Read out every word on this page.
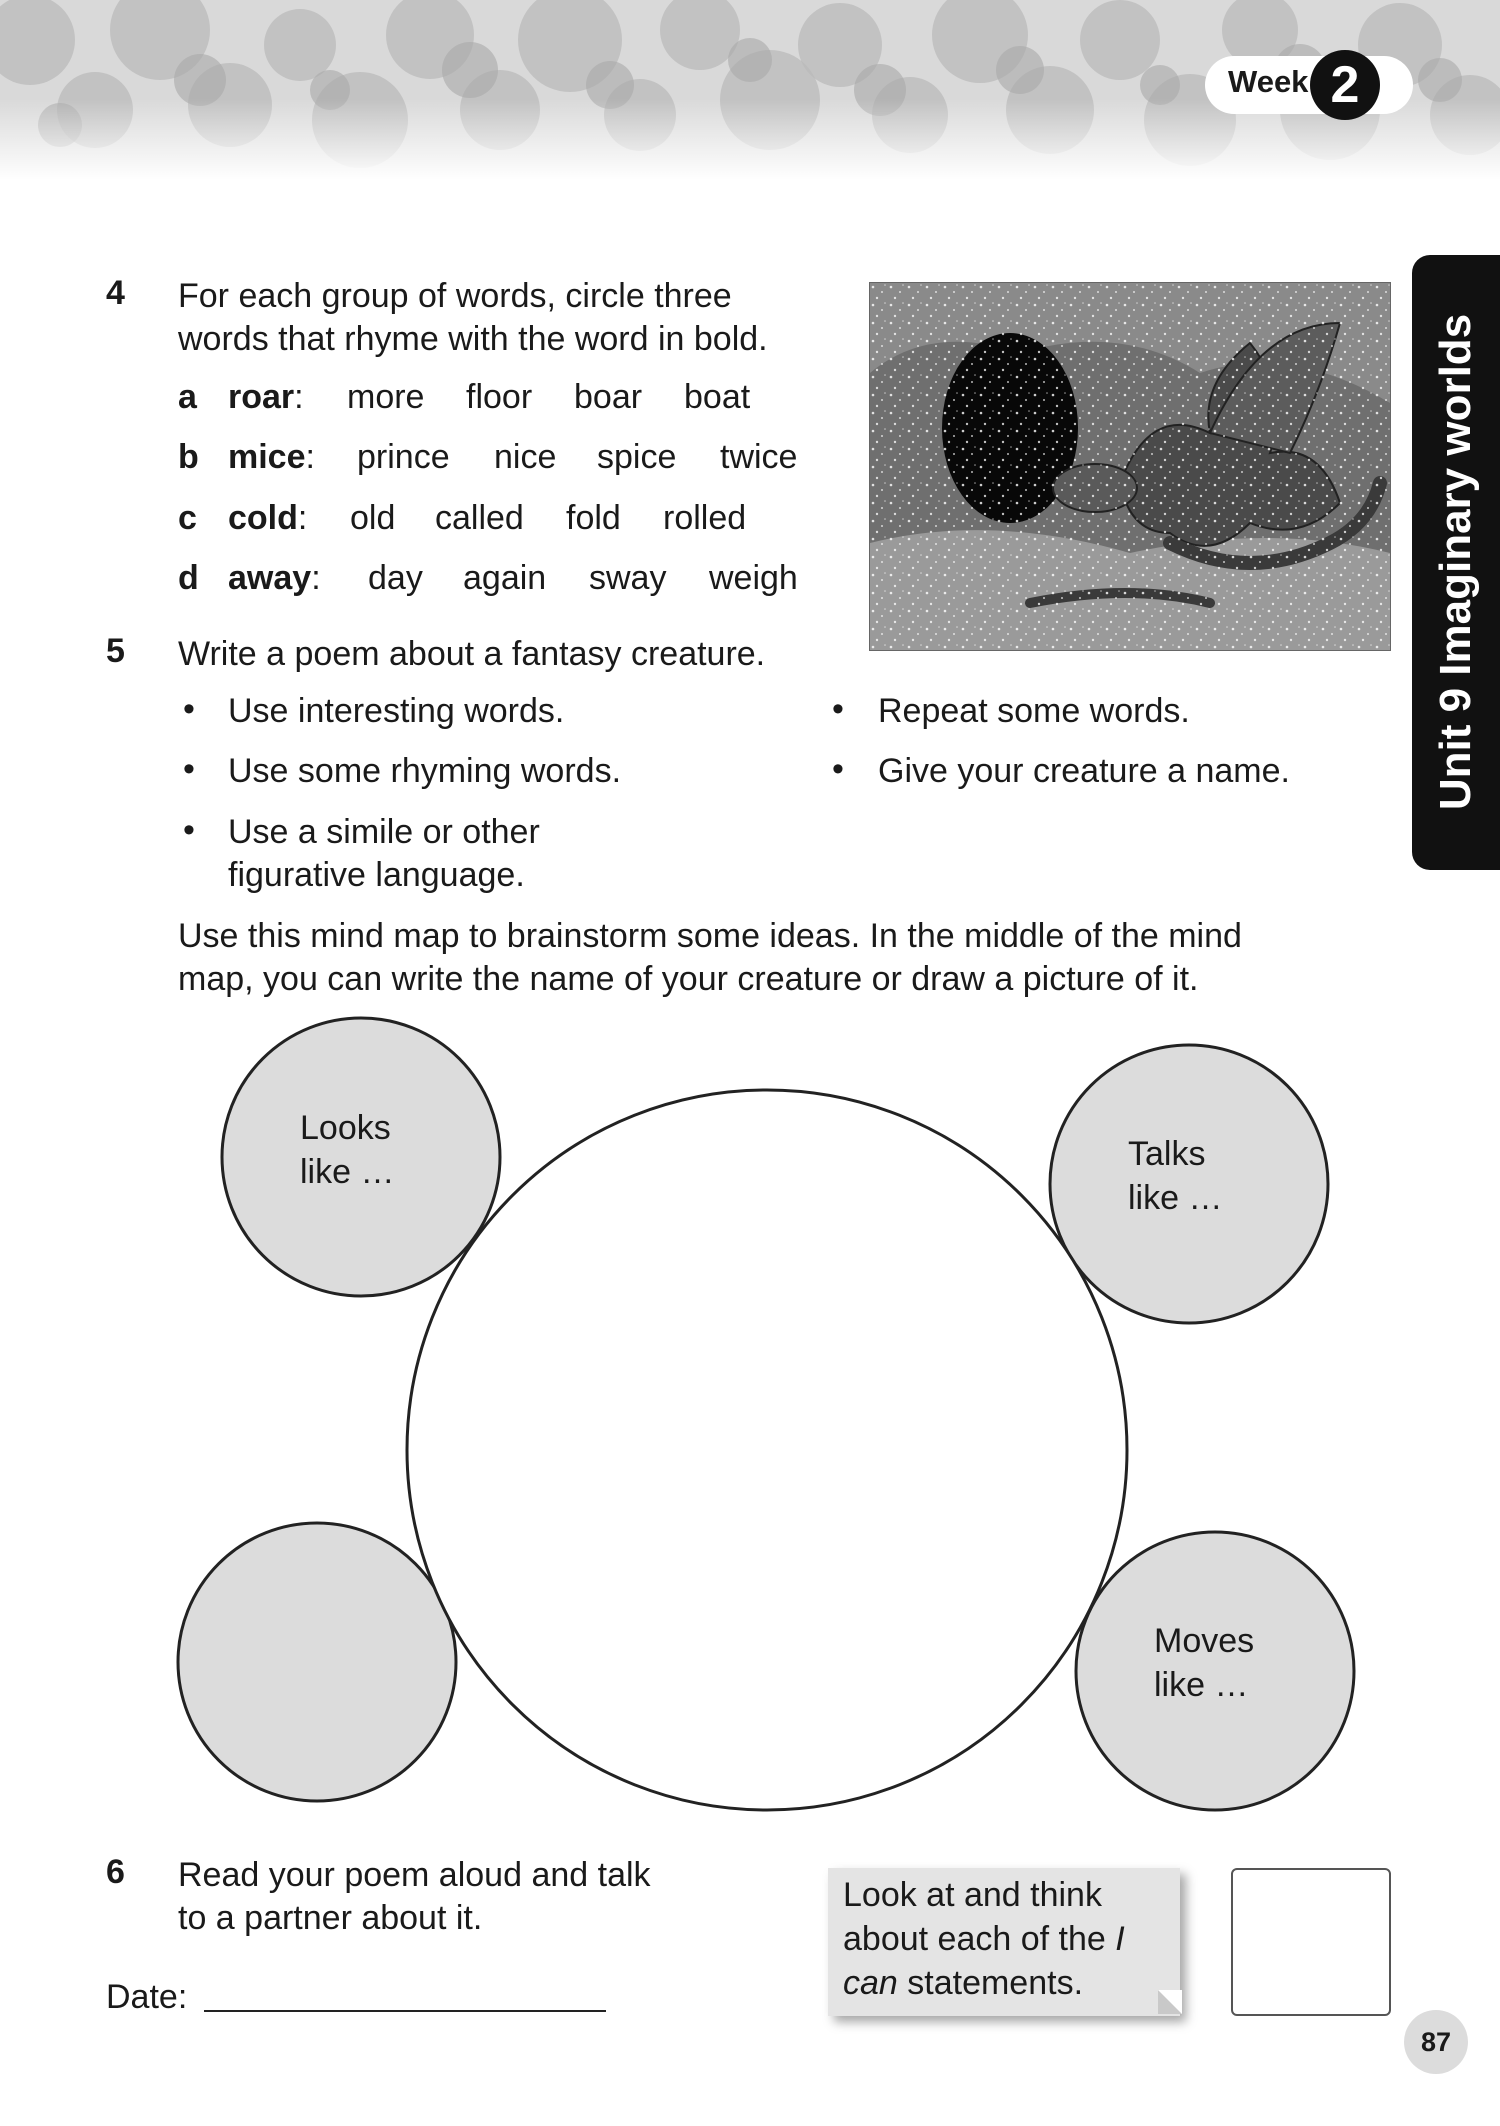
Week 2
Unit 9 Imaginary worlds
4 For each group of words, circle three
words that rhyme with the word in bold.
a roar: more floor boar boat
b mice: prince nice spice twice
c cold: old called fold rolled
d away: day again sway weigh
5 Write a poem about a fantasy creature.
• Use interesting words.
• Use some rhyming words.
• Use a simile or other
figurative language.
• Repeat some words.
• Give your creature a name.
Use this mind map to brainstorm some ideas. In the middle of the mind
map, you can write the name of your creature or draw a picture of it.
Looks
like …	Talks
like …
Moves
like …
6 Read your poem aloud and talk
to a partner about it.
Date:
Look at and think
about each of the I
can statements.
87
